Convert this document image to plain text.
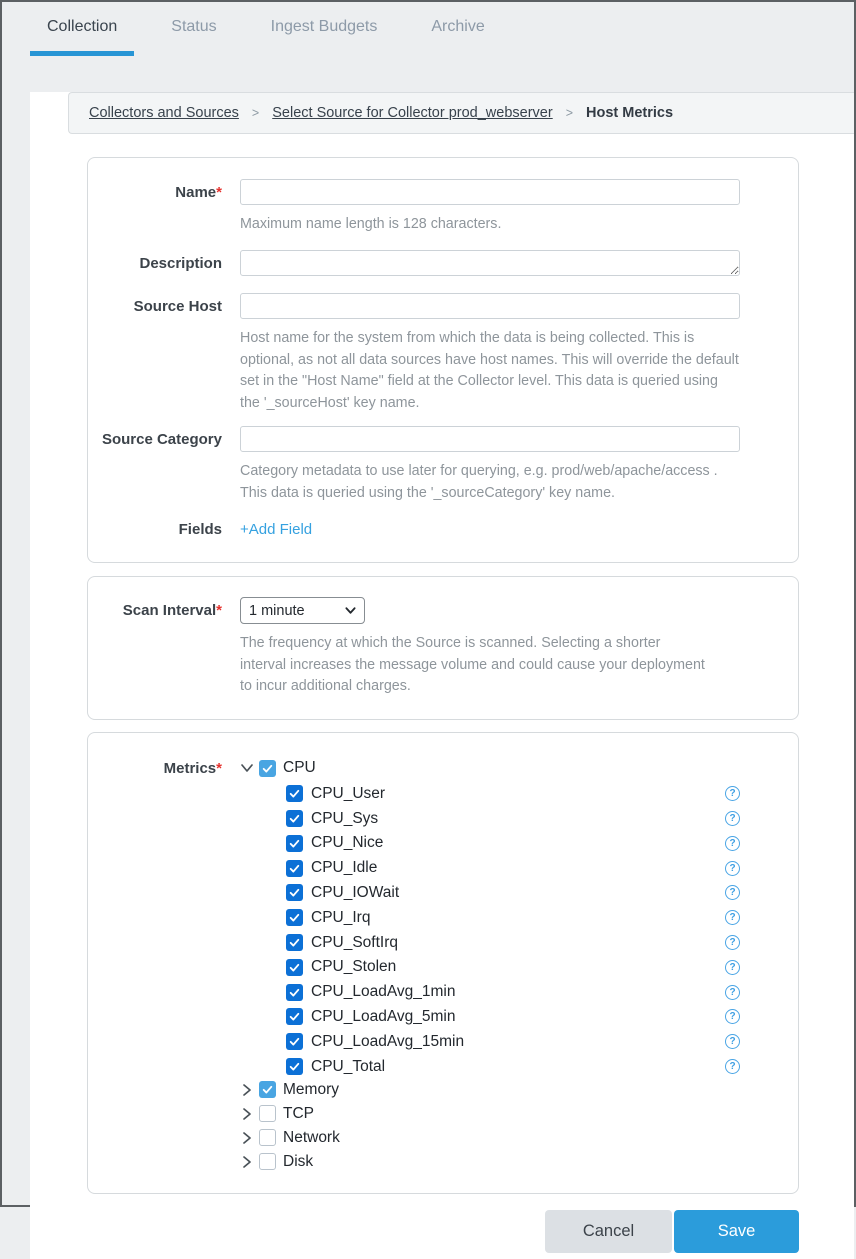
Collection	Status	Ingest Budgets	Archive
Collectors and Sources	> Select Source for Collector prod_webserver	> Host Metrics
Name*
Maximum name length is 128 characters.
Description
Source Host
Host name for the system from which the data is being collected. This is optional, as not all data sources have host names. This will override the default set in the "Host Name" field at the Collector level. This data is queried using the '_sourceHost' key name.
Source Category
Category metadata to use later for querying, e.g. prod/web/apache/access . This data is queried using the '_sourceCategory' key name.
Fields +Add Field
Scan Interval*
1 minute
The frequency at which the Source is scanned. Selecting a shorter interval increases the message volume and could cause your deployment to incur additional charges.
Metrics*	CPU
CPU_User	?
CPU_Sys	?
CPU_Nice	?
CPU_Idle	?
CPU_IOWait	?
CPU_Irq	?
CPU_SoftIrq	?
CPU_Stolen	?
CPU_LoadAvg_1min	?
CPU_LoadAvg_5min	?
CPU_LoadAvg_15min	?
CPU_Total	?
Memory
TCP
Network
Disk
Cancel	Save
